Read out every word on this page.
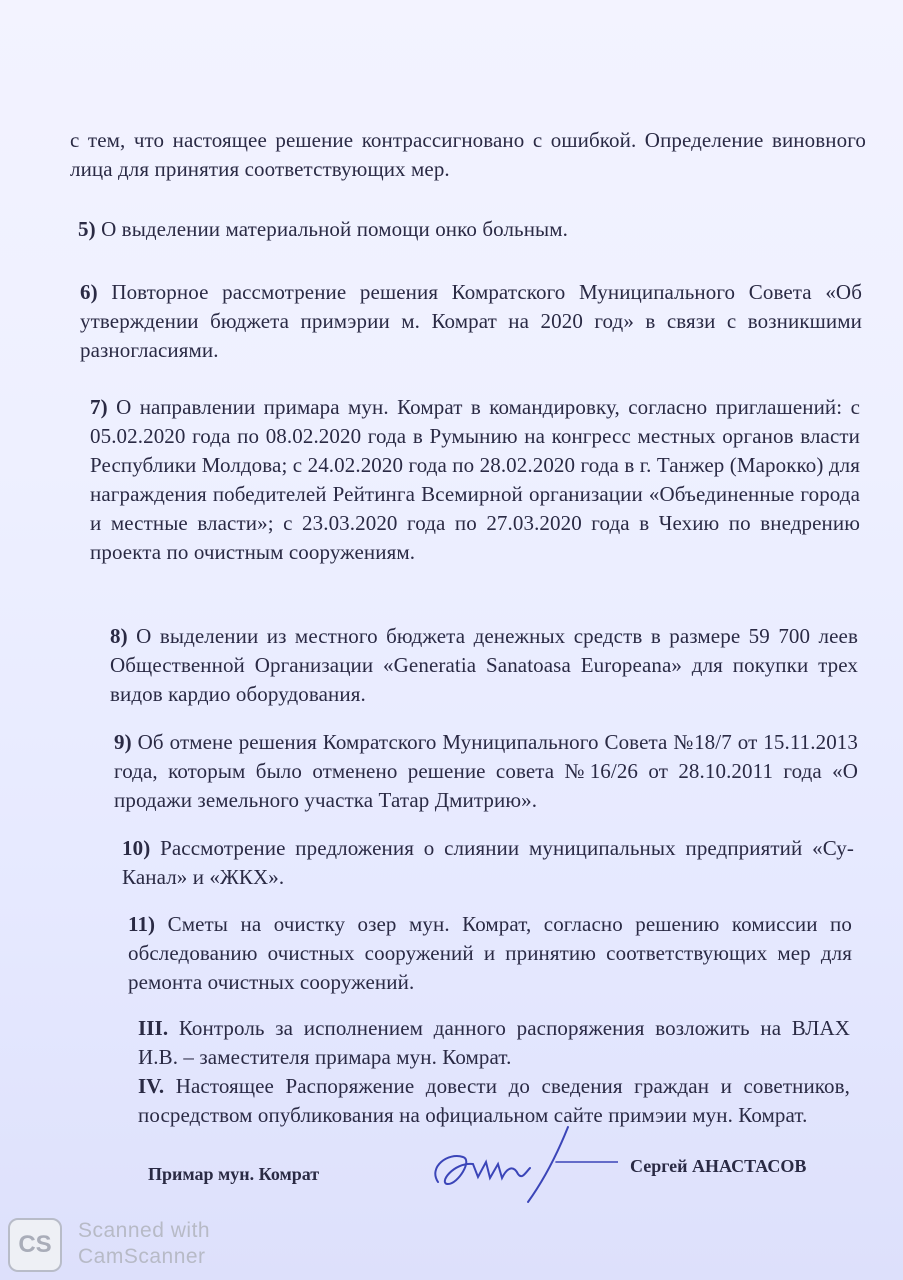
с тем, что настоящее решение контрассигновано с ошибкой. Определение виновного лица для принятия соответствующих мер.

5) О выделении материальной помощи онко больным.

6) Повторное рассмотрение решения Комратского Муниципального Совета «Об утверждении бюджета примэрии м. Комрат на 2020 год» в связи с возникшими разногласиями.

7) О направлении примара мун. Комрат в командировку, согласно приглашений: с 05.02.2020 года по 08.02.2020 года в Румынию на конгресс местных органов власти Республики Молдова; с 24.02.2020 года по 28.02.2020 года в г. Танжер (Марокко) для награждения победителей Рейтинга Всемирной организации «Объединенные города и местные власти»; с 23.03.2020 года по 27.03.2020 года в Чехию по внедрению проекта по очистным сооружениям.

8) О выделении из местного бюджета денежных средств в размере 59 700 леев Общественной Организации «Generatia Sanatoasa Europeana» для покупки трех видов кардио оборудования.

9) Об отмене решения Комратского Муниципального Совета №18/7 от 15.11.2013 года, которым было отменено решение совета №16/26 от 28.10.2011 года «О продажи земельного участка Татар Дмитрию».

10) Рассмотрение предложения о слиянии муниципальных предприятий «Су-Канал» и «ЖКХ».

11) Сметы на очистку озер мун. Комрат, согласно решению комиссии по обследованию очистных сооружений и принятию соответствующих мер для ремонта очистных сооружений.

III. Контроль за исполнением данного распоряжения возложить на ВЛАХ И.В. – заместителя примара мун. Комрат.

IV. Настоящее Распоряжение довести до сведения граждан и советников, посредством опубликования на официальном сайте примэии мун. Комрат.

Примар мун. Комрат	Сергей АНАСТАСОВ
CS
Scanned with
CamScanner
